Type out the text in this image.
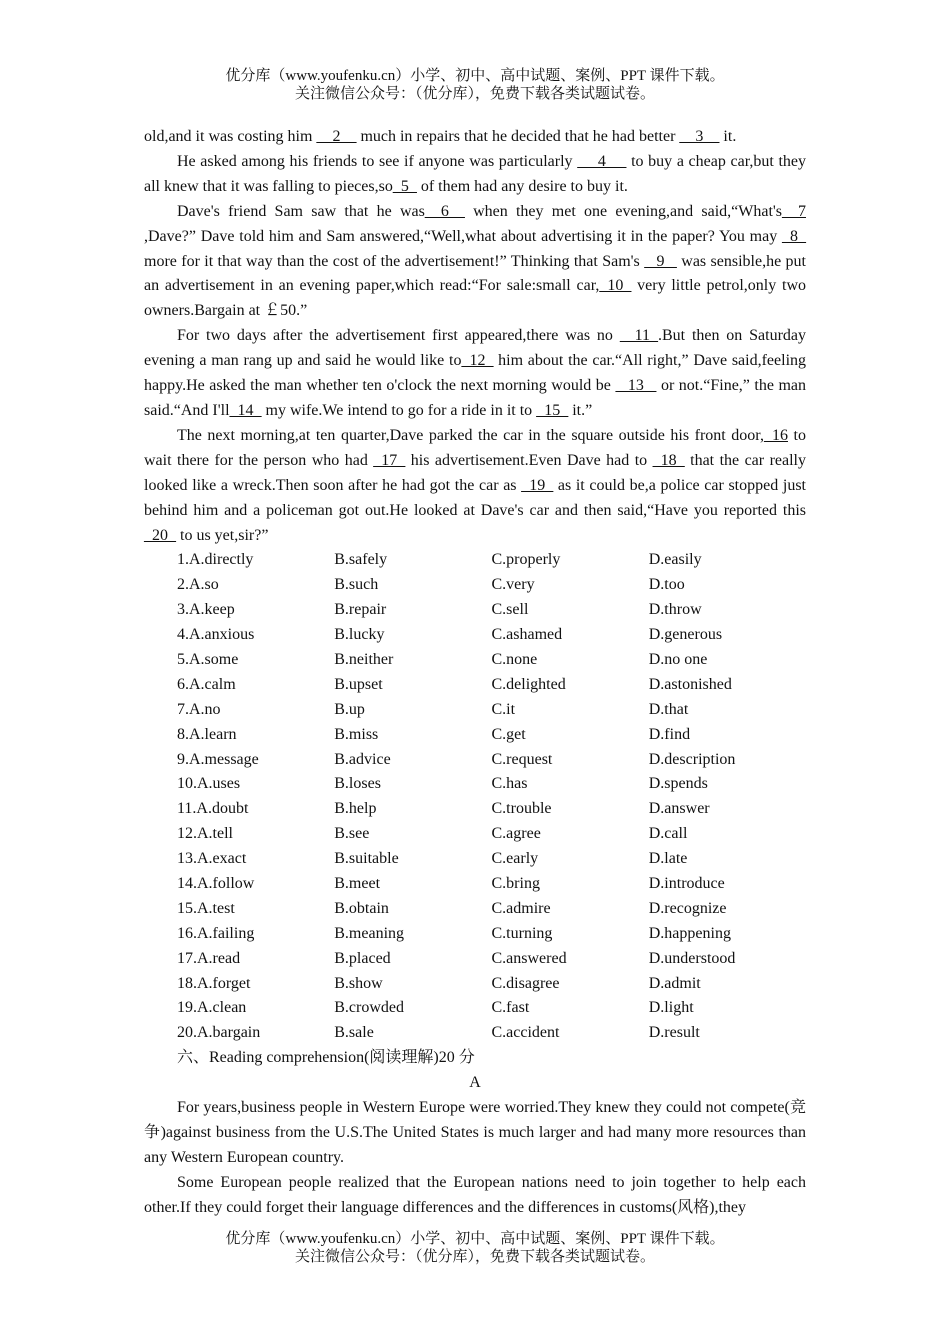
优分库（www.youfenku.cn）小学、初中、高中试题、案例、PPT 课件下载。
关注微信公众号：（优分库），免费下载各类试题试卷。

old,and it was costing him __2__ much in repairs that he decided that he had better __3__ it.

He asked among his friends to see if anyone was particularly  __4__  to buy a cheap car,but they all knew that it was falling to pieces,so_5_ of them had any desire to buy it.

Dave's friend Sam saw that he was__6__ when they met one evening,and said,“What's__7 ,Dave?” Dave told him and Sam answered,“Well,what about advertising it in the paper? You may _8_ more for it that way than the cost of the advertisement!” Thinking that Sam's  _9_  was sensible,he put an advertisement in an evening paper,which read:“For sale:small car,_10_ very little petrol,only two owners.Bargain at ￡50.”

For two days after the advertisement first appeared,there was no  _11_.But then on Saturday evening a man rang up and said he would like to_12_ him about the car.“All right,” Dave said,feeling happy.He asked the man whether ten o'clock the next morning would be  _13_  or not.“Fine,” the man said.“And I'll_14_ my wife.We intend to go for a ride in it to _15_ it.”

The next morning,at ten quarter,Dave parked the car in the square outside his front door,_16 to wait there for the person who had _17_ his advertisement.Even Dave had to _18_ that the car really looked like a wreck.Then soon after he had got the car as _19_ as it could be,a police car stopped just behind him and a policeman got out.He looked at Dave's car and then said,“Have you reported this _20_ to us yet,sir?”

1.A.directly	B.safely	C.properly	D.easily
2.A.so	B.such	C.very	D.too
3.A.keep	B.repair	C.sell	D.throw
4.A.anxious	B.lucky	C.ashamed	D.generous
5.A.some	B.neither	C.none	D.no one
6.A.calm	B.upset	C.delighted	D.astonished
7.A.no	B.up	C.it	D.that
8.A.learn	B.miss	C.get	D.find
9.A.message	B.advice	C.request	D.description
10.A.uses	B.loses	C.has	D.spends
11.A.doubt	B.help	C.trouble	D.answer
12.A.tell	B.see	C.agree	D.call
13.A.exact	B.suitable	C.early	D.late
14.A.follow	B.meet	C.bring	D.introduce
15.A.test	B.obtain	C.admire	D.recognize
16.A.failing	B.meaning	C.turning	D.happening
17.A.read	B.placed	C.answered	D.understood
18.A.forget	B.show	C.disagree	D.admit
19.A.clean	B.crowded	C.fast	D.light
20.A.bargain	B.sale	C.accident	D.result
六、Reading comprehension(阅读理解)20 分
A

For years,business people in Western Europe were worried.They knew they could not compete(竞争)against business from the U.S.The United States is much larger and had many more resources than any Western European country.

Some European people realized that the European nations need to join together to help each other.If they could forget their language differences and the differences in customs(风格),they

优分库（www.youfenku.cn）小学、初中、高中试题、案例、PPT 课件下载。
关注微信公众号：（优分库），免费下载各类试题试卷。
